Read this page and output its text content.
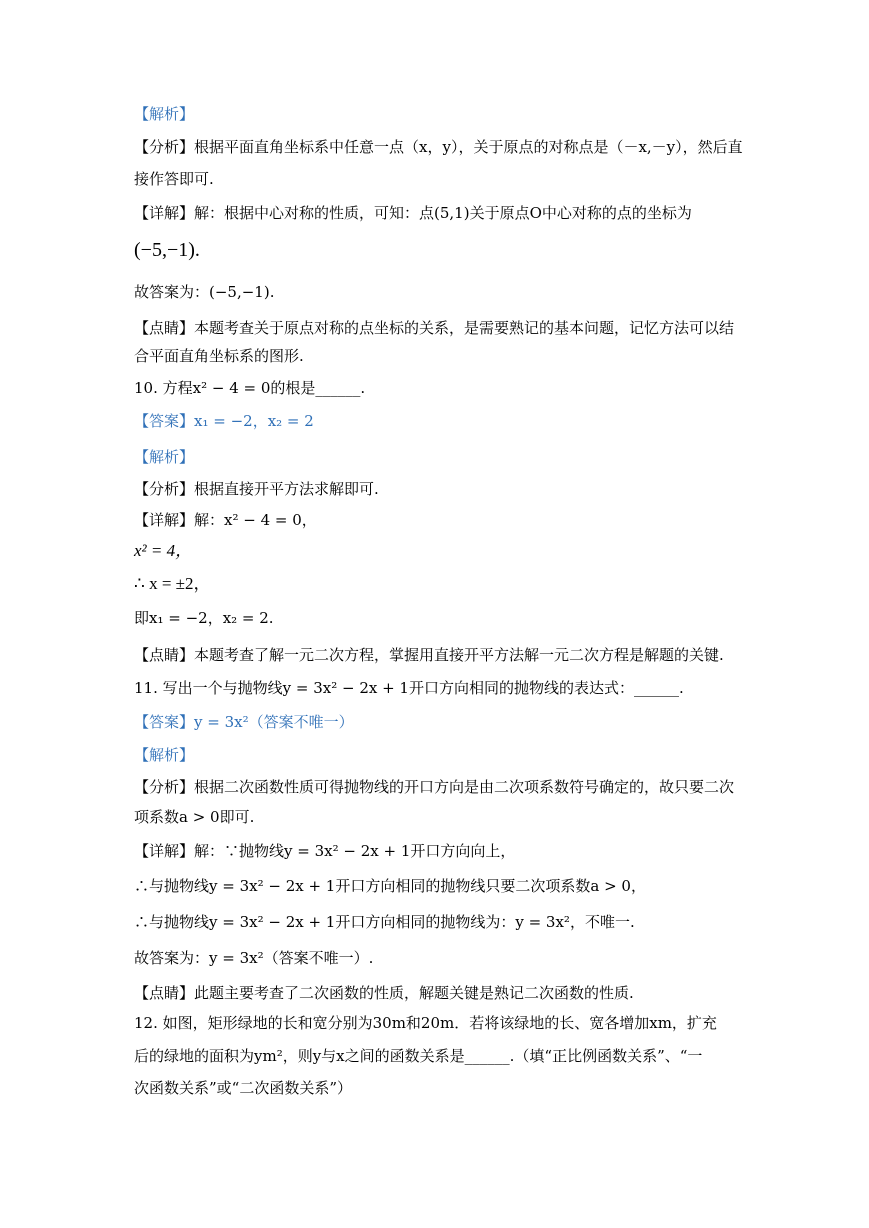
【解析】
【分析】根据平面直角坐标系中任意一点（x，y），关于原点的对称点是（－x,－y），然后直
接作答即可.
【详解】解：根据中心对称的性质，可知：点(5,1)关于原点O中心对称的点的坐标为
(−5,−1).
故答案为：(−5,−1).
【点睛】本题考查关于原点对称的点坐标的关系，是需要熟记的基本问题，记忆方法可以结
合平面直角坐标系的图形.
10. 方程x² − 4 = 0的根是______.
【答案】x₁ = −2，x₂ = 2
【解析】
【分析】根据直接开平方法求解即可.
【详解】解：x² − 4 = 0，
x² = 4，
∴ x = ±2，
即x₁ = −2，x₂ = 2.
【点睛】本题考查了解一元二次方程，掌握用直接开平方法解一元二次方程是解题的关键.
11. 写出一个与抛物线y = 3x² − 2x + 1开口方向相同的抛物线的表达式：______.
【答案】y = 3x²（答案不唯一）
【解析】
【分析】根据二次函数性质可得抛物线的开口方向是由二次项系数符号确定的，故只要二次
项系数a > 0即可.
【详解】解：∵抛物线y = 3x² − 2x + 1开口方向向上，
∴与抛物线y = 3x² − 2x + 1开口方向相同的抛物线只要二次项系数a > 0，
∴与抛物线y = 3x² − 2x + 1开口方向相同的抛物线为：y = 3x²，不唯一.
故答案为：y = 3x²（答案不唯一）.
【点睛】此题主要考查了二次函数的性质，解题关键是熟记二次函数的性质.
12. 如图，矩形绿地的长和宽分别为30m和20m．若将该绿地的长、宽各增加xm，扩充
后的绿地的面积为ym²，则y与x之间的函数关系是______.（填“正比例函数关系”、“一
次函数关系”或“二次函数关系”）
